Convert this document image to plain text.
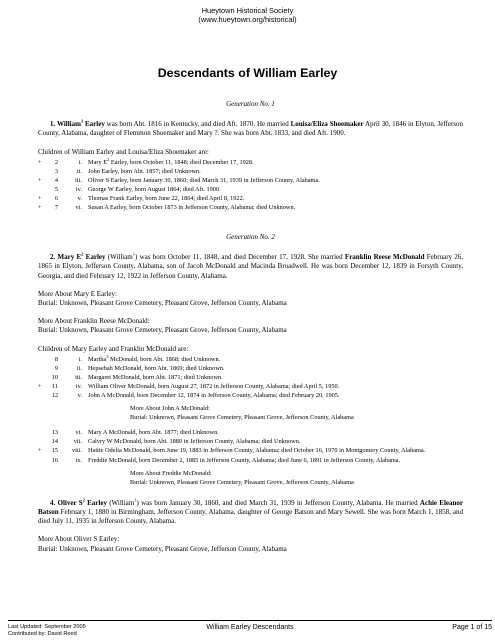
Hueytown Historical Society
(www.hueytown.org/historical)
Descendants of William Earley
Generation No. 1
1. William$^1$ Earley was born Abt. 1816 in Kentucky, and died Aft. 1870. He married Louisa/Eliza Shoemaker April 30, 1846 in Elyton, Jefferson County, Alabama, daughter of Flemmon Shoemaker and Mary ?. She was born Abt. 1833, and died Aft. 1900.
Children of William Earley and Louisa/Eliza Shoemaker are:
+	2	i. Mary $E^2$ Earley, born October 11, 1848; died December 17, 1928.
3	ii. John Earley, born Abt. 1857; died Unknown.
+	4	iii. Oliver S Earley, born January 30, 1860; died March 31, 1939 in Jefferson County, Alabama.
5	iv. George W Earley, born August 1864; died Aft. 1900.
+	6	v. Thomas Frank Earley, born June 22, 1864; died April 8, 1922.
+	7	vi. Susan A Earley, born October 1873 in Jefferson County, Alabama; died Unknown.
Generation No. 2
2. Mary $E^2$ Earley (William$^1$) was born October 11, 1848, and died December 17, 1928. She married Franklin Reese McDonald February 26, 1865 in Elyton, Jefferson County, Alabama, son of Jacob McDonald and Macinda Broadwell. He was born December 12, 1839 in Forsyth County, Georgia, and died February 12, 1922 in Jefferson County, Alabama.
More About Mary E Earley:
Burial: Unknown, Pleasant Grove Cemetery, Pleasant Grove, Jefferson County, Alabama
More About Franklin Reese McDonald:
Burial: Unknown, Pleasant Grove Cemetery, Pleasant Grove, Jefferson County, Alabama
Children of Mary Earley and Franklin McDonald are:
8	i. Martha$^3$ McDonald, born Abt. 1868; died Unknown.
9	ii. Hepsebah McDonald, born Abt. 1869; died Unknown.
10	iii. Margaret McDonald, born Abt. 1871; died Unknown.
+	11	iv. William Oliver McDonald, born August 27, 1872 in Jefferson County, Alabama; died April 5, 1950.
12	v. John A McDonald, born December 12, 1874 in Jefferson County, Alabama; died February 20, 1905.
More About John A McDonald:
Burial: Unknown, Pleasant Grove Cemetery, Pleasant Grove, Jefferson County, Alabama
13	vi. Mary A McDonald, born Abt. 1877; died Unknown.
14	vii. Calvry W McDonald, born Abt. 1880 in Jefferson County, Alabama; died Unknown.
+	15	viii. Hattie Odelia McDonald, born June 19, 1883 in Jefferson County, Alabama; died October 16, 1970 in Montgomery County, Alabama.
16	ix. Freddie McDonald, born December 2, 1885 in Jefferson County, Alabama; died June 6, 1891 in Jefferson County, Alabama.
More About Freddie McDonald:
Burial: Unknown, Pleasant Grove Cemetery, Pleasant Grove, Jefferson County, Alabama
4. Oliver $S^2$ Earley (William$^1$) was born January 30, 1860, and died March 31, 1939 in Jefferson County, Alabama. He married Achie Eleanor Batson February 1, 1880 in Birmingham, Jefferson County, Alabama, daughter of George Batson and Mary Sewell. She was born March 1, 1858, and died July 11, 1935 in Jefferson County, Alabama.
More About Oliver S Earley:
Burial: Unknown, Pleasant Grove Cemetery, Pleasant Grove, Jefferson County, Alabama
Last Updated: September 2005
Contributed by: David Reed
William Earley Descendants	Page 1 of 15
